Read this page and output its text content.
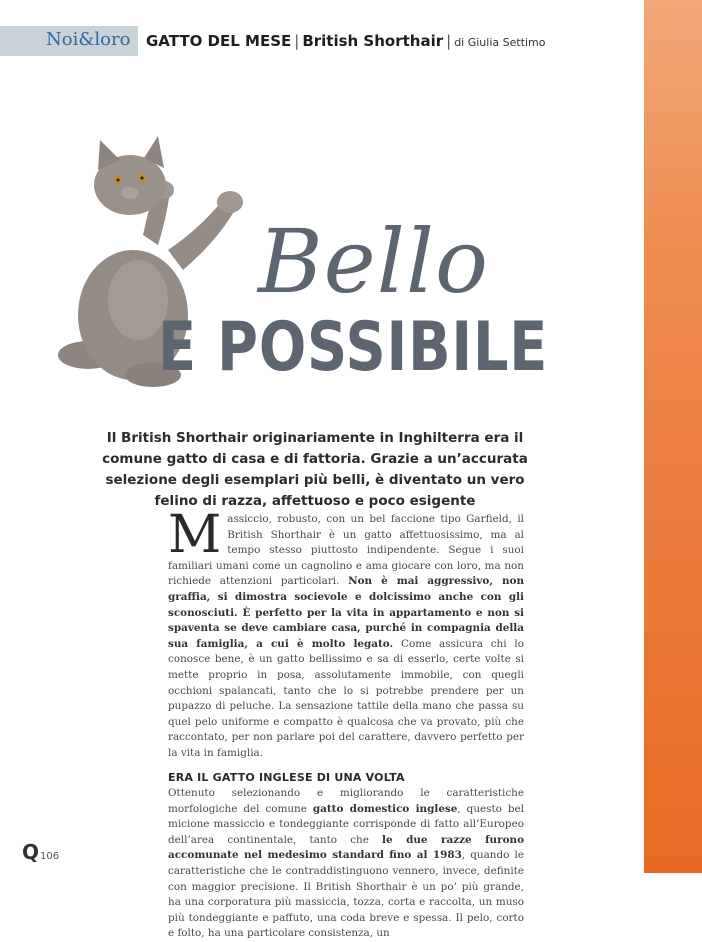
Noi&loro GATTO DEL MESE | British Shorthair | di Giulia Settimo
Bello
E POSSIBILE
Il British Shorthair originariamente in Inghilterra era il comune gatto di casa e di fattoria. Grazie a un’accurata selezione degli esemplari più belli, è diventato un vero felino di razza, affettuoso e poco esigente

Massiccio, robusto, con un bel faccione tipo Garfield, il British Shorthair è un gatto affettuosissimo, ma al tempo stesso piuttosto indipendente. Segue i suoi familiari umani come un cagnolino e ama giocare con loro, ma non richiede attenzioni particolari. Non è mai aggressivo, non graffia, si dimostra socievole e dolcissimo anche con gli sconosciuti. È perfetto per la vita in appartamento e non si spaventa se deve cambiare casa, purché in compagnia della sua famiglia, a cui è molto legato. Come assicura chi lo conosce bene, è un gatto bellissimo e sa di esserlo, certe volte si mette proprio in posa, assolutamente immobile, con quegli occhioni spalancati, tanto che lo si potrebbe prendere per un pupazzo di peluche. La sensazione tattile della mano che passa su quel pelo uniforme e compatto è qualcosa che va provato, più che raccontato, per non parlare poi del carattere, davvero perfetto per la vita in famiglia.

ERA IL GATTO INGLESE DI UNA VOLTA

Ottenuto selezionando e migliorando le caratteristiche morfologiche del comune gatto domestico inglese, questo bel micione massiccio e tondeggiante corrisponde di fatto all’Europeo dell’area continentale, tanto che le due razze furono accomunate nel medesimo standard fino al 1983, quando le caratteristiche che le contraddistinguono vennero, invece, definite con maggior precisione. Il British Shorthair è un po’ più grande, ha una corporatura più massiccia, tozza, corta e raccolta, un muso più tondeggiante e paffuto, una coda breve e spessa. Il pelo, corto e folto, ha una particolare consistenza, un

Q106
